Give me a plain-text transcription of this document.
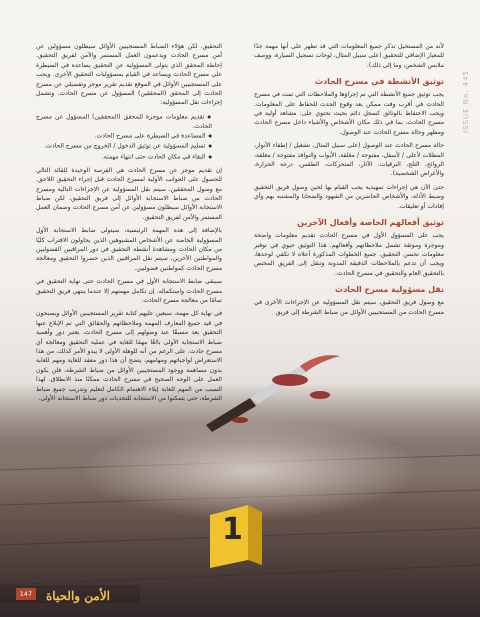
1
ISSUE No. 445

لأنه من المستحيل تذكر جميع المعلومات التي قد تظهر على أنها مهمة جدًا للمعيار الإضافي للتحقيق (على سبيل المثال، لوحات تسجيل السيارة، ووصف ملابس الشخص، وما إلى ذلك).

توثيق الأنشطة في مسرح الحادث

يجب توثيق جميع الأنشطة التي تم إجراؤها والملاحظات التي تمت في مسرح الحادث في أقرب وقت ممكن بعد وقوع الحدث للحفاظ على المعلومات. ويجب الاحتفاظ بالوثائق كسجل دائم بحيث تحتوي على: مشاهد أولية في مسرح الحادث، بما في ذلك مكان الأشخاص والأشياء داخل مسرح الحادث ومظهر وحالة مسرح الحادث عند الوصول.

حالة مسرح الحادث عند الوصول (على سبيل المثال، تشغيل / إطفاء الأنوار، المظلات لأعلى / لأسفل، مفتوحة / مغلقة، الأبواب والنوافذ مفتوحة / مغلقة، الروائح، الثلج، البرقيات، الآثار، المتحركات، الطقس، درجة الحرارة، والأغراض الشخصية).

حتى الآن هي إجراءات تمهيدية يجب القيام بها لحين وصول فريق التحقيق وضبط الأدلة، والأشخاص الحاضرين من الشهود والضحايا والمشتبه بهم وأي إفادات أو تعليقات.

توثيق أفعالهم الخاصة وأفعال الآخرين

يجب على المسؤول الأول في مسرح الحادث تقديم معلومات واضحة وموجزة وموثقة تشمل ملاحظاتهم وأفعالهم. هذا التوثيق حيوي في توفير معلومات تحسن التحقيق. جميع الخطوات المذكورة أعلاه لا تكفي لوحدها، ويجب أن تدعم بالملاحظات الدقيقة المدونة وتنقل إلى الفريق المختص بالتحقيق العام والتحقيق في مسرح الحادث.

نقل مسؤولية مسرح الحادث

مع وصول فريق التحقيق، سيتم نقل المسؤولية عن الإجراءات الأخرى في مسرح الحادث من المستجيبين الأوائل من ضباط الشرطة إلى فريق

التحقيق. لكن هؤلاء الضباط المستجيبين الأوائل سيظلون مسؤولين عن أمن مسرح الحادث ويدعمون العمل المستمر والآمن لفريق التحقيق. إحاطة المحقق الذي يتولى المسؤولية عن التحقيق يساعده في السيطرة على مسرح الحادث ويساعد في القيام بمسؤوليات التحقيق الأخرى. ويجب على المستجيبين الأوائل في الموقع تقديم تقرير موجز وتفصيلي عن مسرح الحادث إلى المحقق (المحققين) المسؤول عن مسرح الحادث. وتشمل إجراءات نقل المسؤولية:

● تقديم معلومات موجزة للمحقق (المحققين) المسؤول عن مسرح الحادث.
● المساعدة في السيطرة على مسرح الحادث.
● تسليم المسؤولية عن توثيق الدخول / الخروج من مسرح الحادث.
● البقاء في مكان الحادث حتى انتهاء مهمته.

إن تقديم موجز عن مسرح الحادث هي الفرصة الوحيدة للقائد التالي للحصول على الجوانب الأولية لمسرح الحادث قبل إجراء التحقيق اللاحق. مع وصول المحققين، سيتم نقل المسؤولية عن الإجراءات التالية ومسرح الحادث من ضباط الاستجابة الأوائل إلى فريق التحقيق، لكن ضباط الاستجابة الأوائل سيظلون مسؤولين عن أمن مسرح الحادث وضمان العمل المستمر والآمن لفريق التحقيق.

بالإضافة إلى هذه المهمة الرئيسية، سيتولى ضابط الاستجابة الأول المسؤولية الخاصة عن الأشخاص المشبوهين الذين يحاولون الاقتراب كليًا من مكان الحادث ومشاهدة أنشطة التحقيق في دور المراقبين الفضوليين والمواطنين الآخرين، سيتم نقل المراقبين الذين حضروا التحقيق ومعالجة مسرح الحادث كمواطنين فضوليين.

سيبقى ضابط الاستجابة الأول في مسرح الحادث حتى نهاية التحقيق في مسرح الحادث واستكماله. إن تكامل مهمتهم إلا عندما ينتهي فريق التحقيق تمامًا من معالجة مسرح الحادث.

في نهاية كل مهمة، سيعين عليهم كتابة تقرير المستجيبين الأوائل ويصبحون في قيد جميع المعارف المهمة وملاحظاتهم والحقائق التي تم الإبلاغ عنها التحقيق بعد مسبقًا عند وصولهم إلى مسرح الحادث، يعتبر دور وأهمية ضباط الاستجابة الأولى بالغًا مهمًا للغاية في عملية التحقيق ومعالجة أي مسرح حادث. على الرغم من أنه للوهلة الأولى لا يبدو الأمر كذلك، من هذا الاستعراض لواجباتهم ومهامهم، يتضح أن هذا دور معقد للغاية ومهم للغاية بدون مساهمة ووجود المستجيبين الأوائل من ضباط الشرطة، فلن يكون العمل على الوجه الصحيح في مسرح الحادث ممكنًا منذ الانطلاق. لهذا السبب من المهم للغاية إيلاء الاهتمام الكامل لتعليم وتدريب جميع ضباط الشرطة، حتى يتمكنوا من الاستجابة للتحديات دور ضباط الاستجابة الأولى.

الأمن والحياة
147
